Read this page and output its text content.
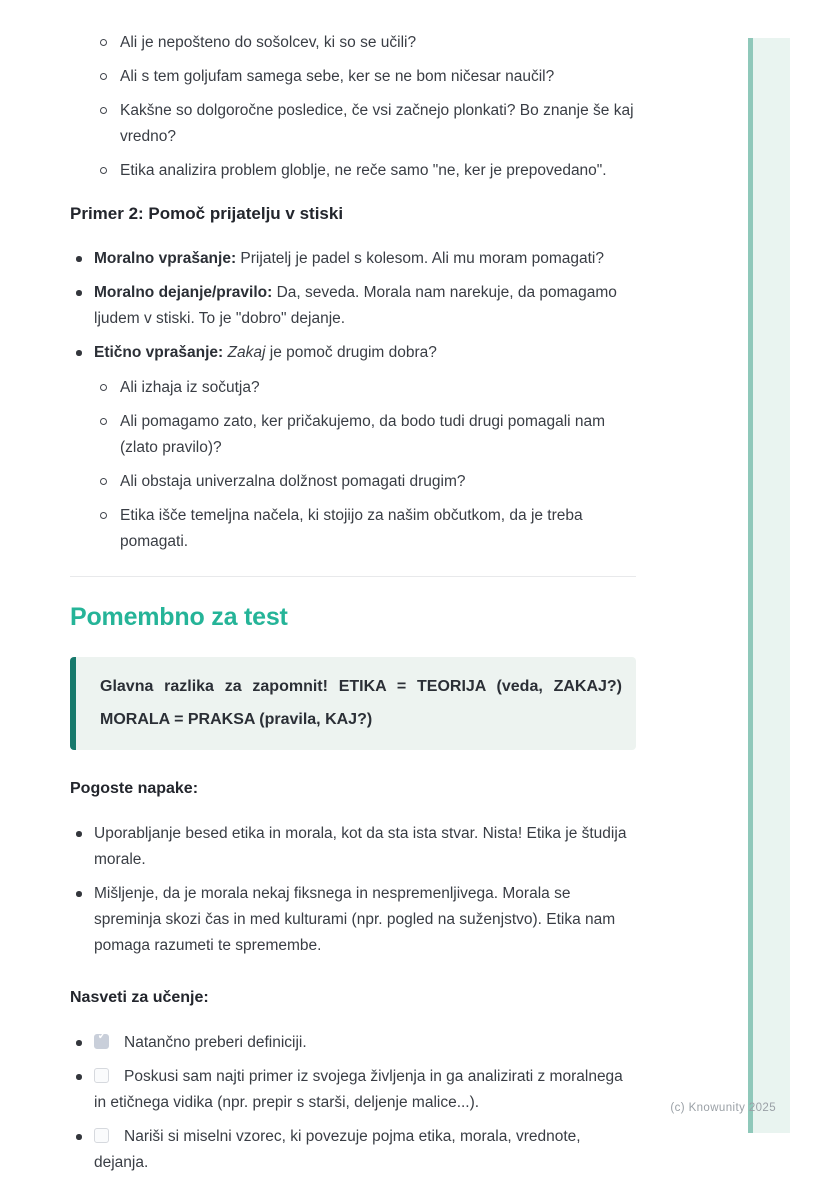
(c) Knowunity 2025
Ali je nepošteno do sošolcev, ki so se učili?
Ali s tem goljufam samega sebe, ker se ne bom ničesar naučil?
Kakšne so dolgoročne posledice, če vsi začnejo plonkati? Bo znanje še kaj vredno?
Etika analizira problem globlje, ne reče samo "ne, ker je prepovedano".
Primer 2: Pomoč prijatelju v stiski
Moralno vprašanje: Prijatelj je padel s kolesom. Ali mu moram pomagati?
Moralno dejanje/pravilo: Da, seveda. Morala nam narekuje, da pomagamo ljudem v stiski. To je "dobro" dejanje.
Etično vprašanje: Zakaj je pomoč drugim dobra?
Ali izhaja iz sočutja?
Ali pomagamo zato, ker pričakujemo, da bodo tudi drugi pomagali nam (zlato pravilo)?
Ali obstaja univerzalna dolžnost pomagati drugim?
Etika išče temeljna načela, ki stojijo za našim občutkom, da je treba pomagati.
Pomembno za test

Glavna razlika za zapomnit! ETIKA = TEORIJA (veda, ZAKAJ?) MORALA = PRAKSA (pravila, KAJ?)

Pogoste napake:

Uporabljanje besed etika in morala, kot da sta ista stvar. Nista! Etika je študija morale.
Mišljenje, da je morala nekaj fiksnega in nespremenljivega. Morala se spreminja skozi čas in med kulturami (npr. pogled na suženjstvo). Etika nam pomaga razumeti te spremembe.

Nasveti za učenje:

✓Natančno preberi definiciji.
Poskusi sam najti primer iz svojega življenja in ga analizirati z moralnega in etičnega vidika (npr. prepir s starši, deljenje malice...).
Nariši si miselni vzorec, ki povezuje pojma etika, morala, vrednote, dejanja.
